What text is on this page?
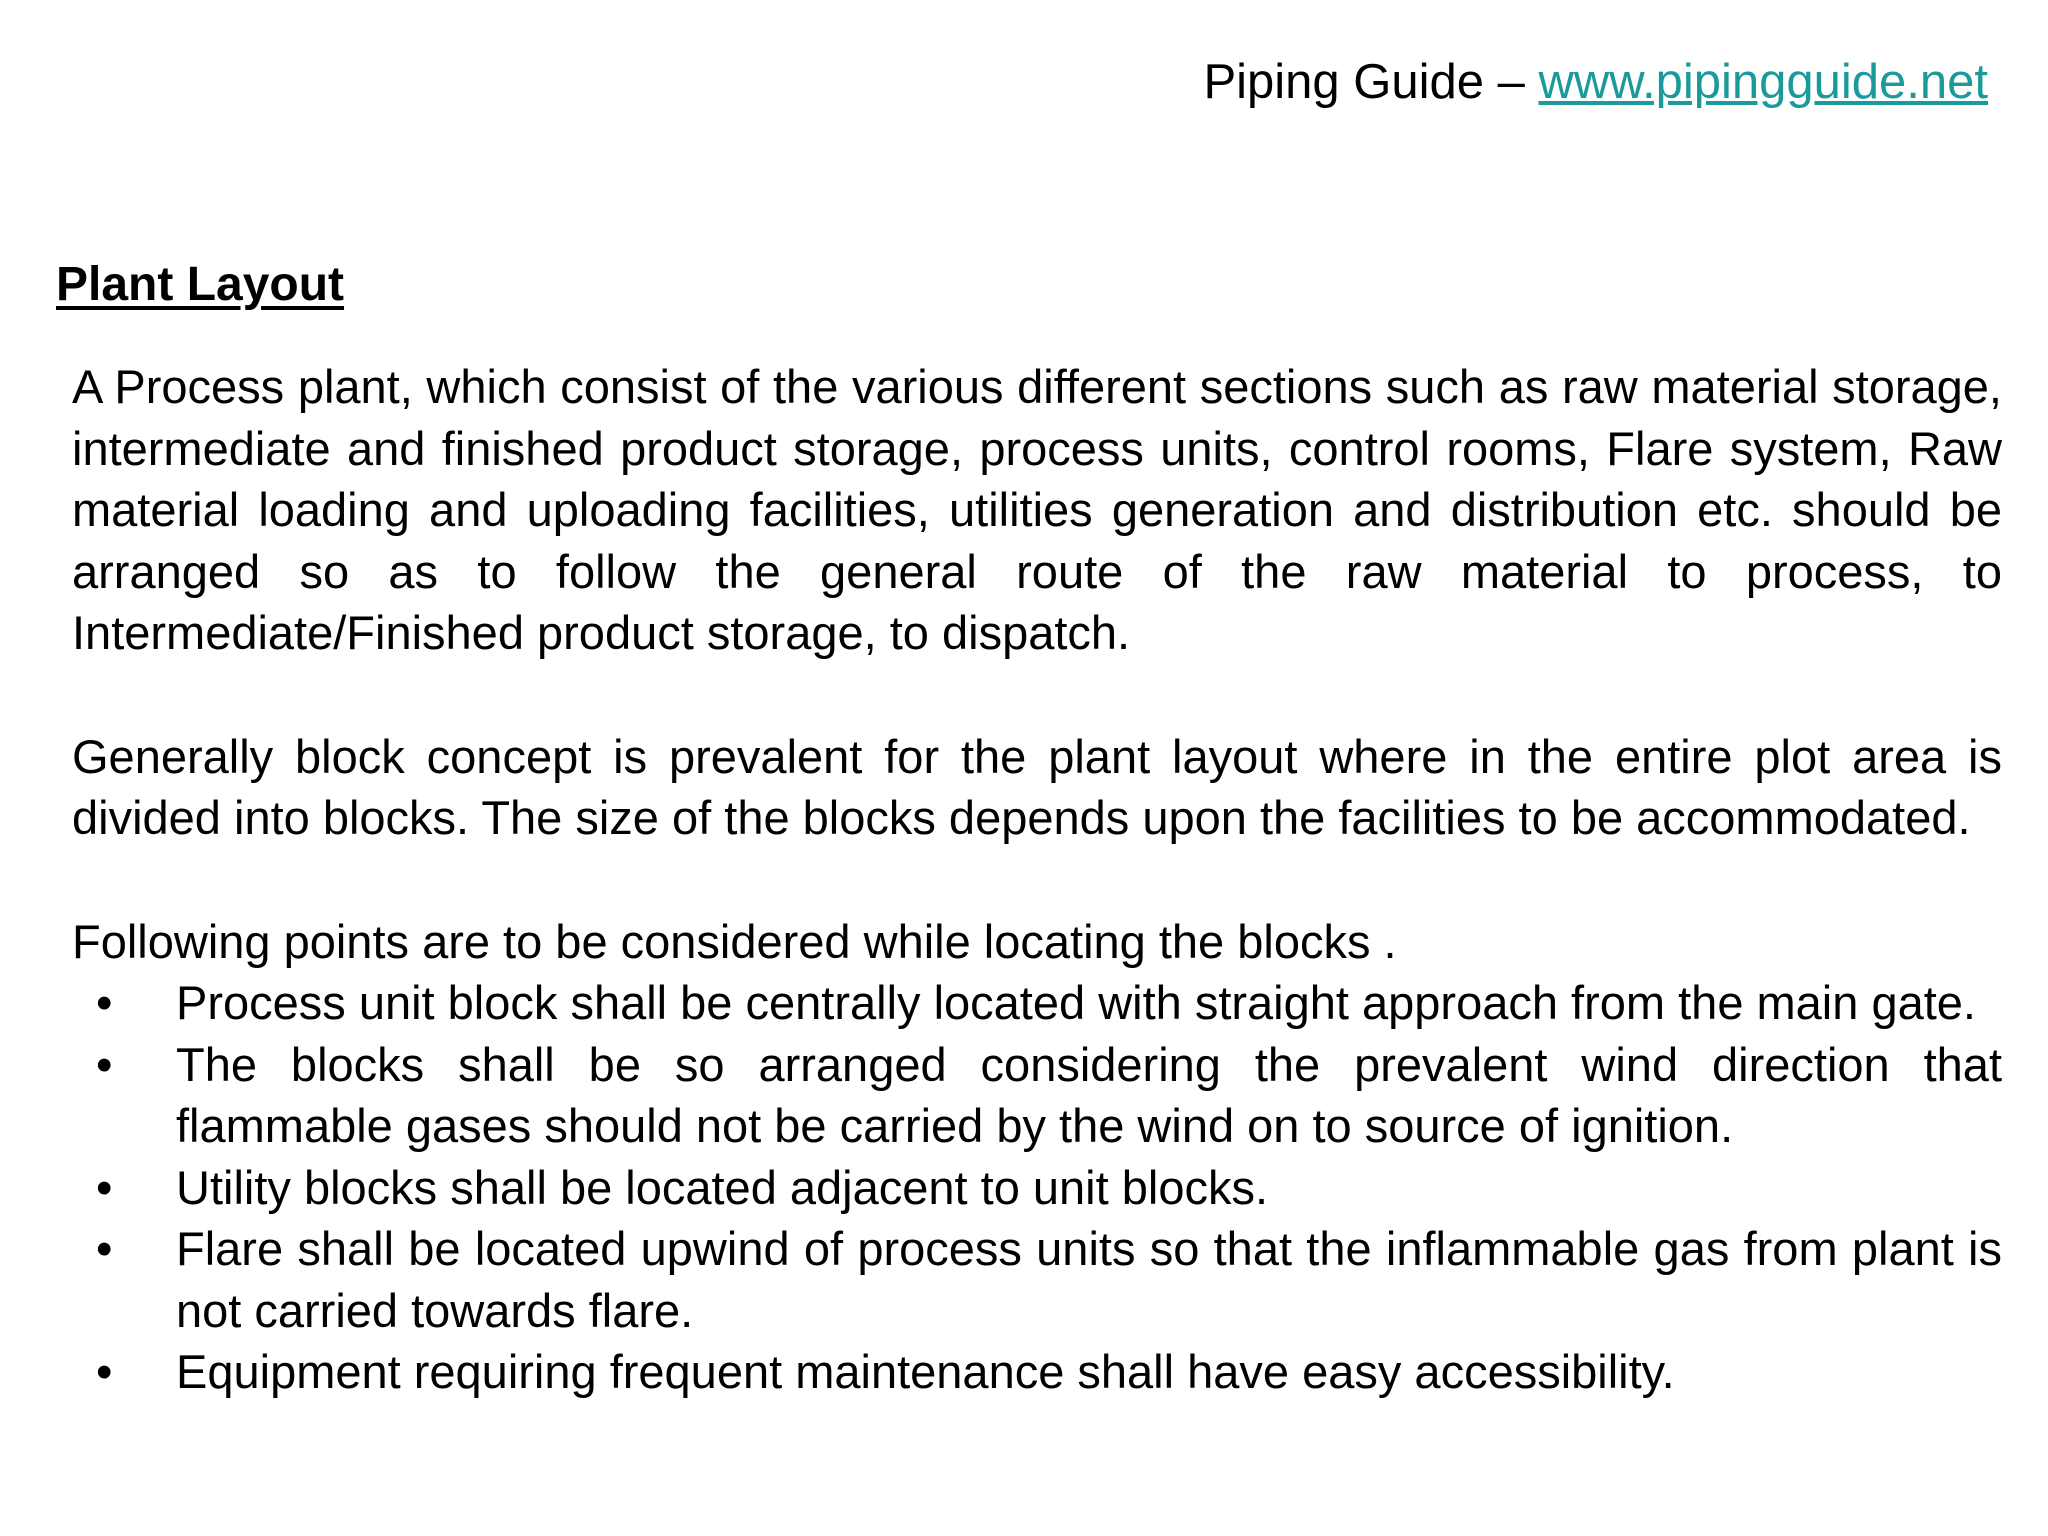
Piping Guide – www.pipingguide.net
Plant Layout

A Process plant, which consist of the various different sections such as raw material storage, intermediate and finished product storage, process units, control rooms, Flare system, Raw material loading and uploading facilities, utilities generation and distribution etc. should be arranged so as to follow the general route of the raw material to process, to Intermediate/Finished product storage, to dispatch.

Generally block concept is prevalent for the plant layout where in the entire plot area is divided into blocks. The size of the blocks depends upon the facilities to be accommodated.

Following points are to be considered while locating the blocks .

• Process unit block shall be centrally located with straight approach from the main gate.
• The blocks shall be so arranged considering the prevalent wind direction that flammable gases should not be carried by the wind on to source of ignition.
• Utility blocks shall be located adjacent to unit blocks.
• Flare shall be located upwind of process units so that the inflammable gas from plant is not carried towards flare.
• Equipment requiring frequent maintenance shall have easy accessibility.
